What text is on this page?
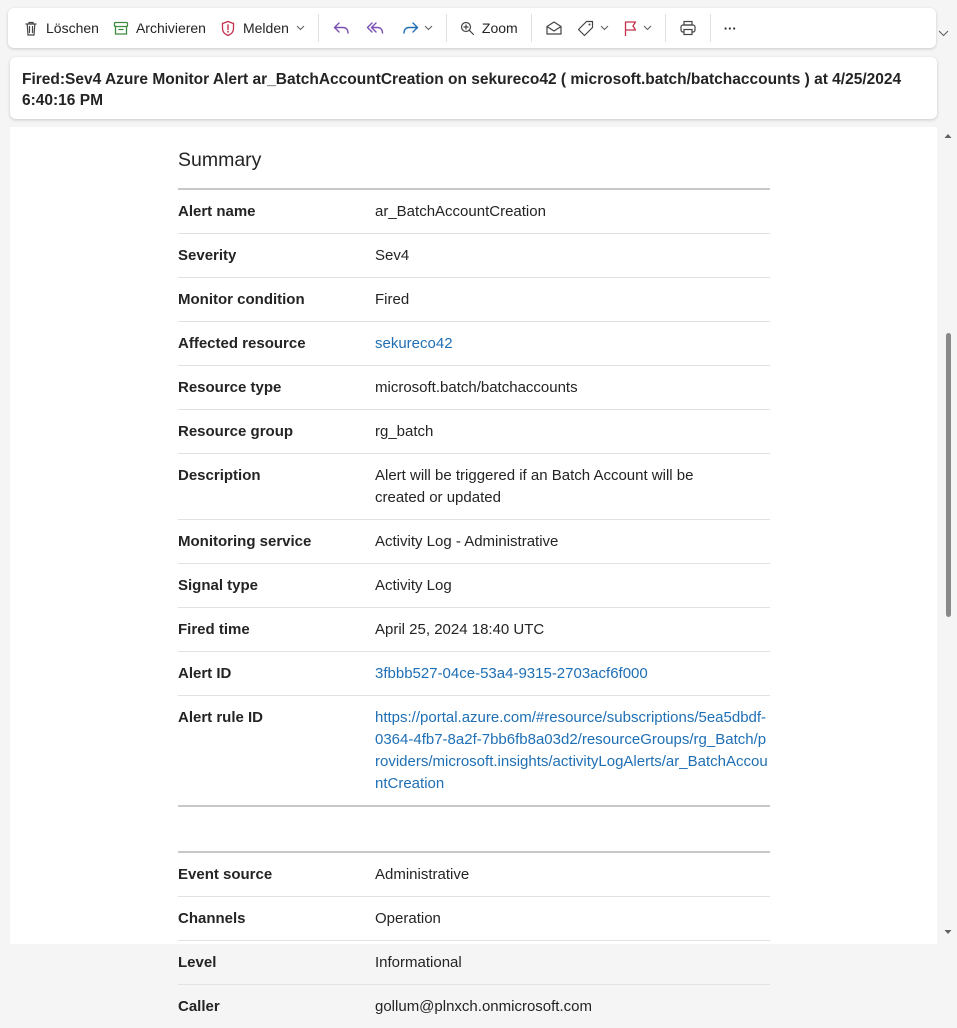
Löschen	Archivieren	Melden	Zoom	···
Fired:Sev4 Azure Monitor Alert ar_BatchAccountCreation on sekureco42 ( microsoft.batch/batchaccounts ) at 4/25/2024 6:40:16 PM
Summary
Alert name	ar_BatchAccountCreation
Severity	Sev4
Monitor condition	Fired
Affected resource	sekureco42
Resource type	microsoft.batch/batchaccounts
Resource group	rg_batch
Description	Alert will be triggered if an Batch Account will be created or updated
Monitoring service	Activity Log - Administrative
Signal type	Activity Log
Fired time	April 25, 2024 18:40 UTC
Alert ID	3fbbb527-04ce-53a4-9315-2703acf6f000
Alert rule ID	https://portal.azure.com/#resource/subscriptions/5ea5dbdf-0364-4fb7-8a2f-7bb6fb8a03d2/resourceGroups/rg_Batch/providers/microsoft.insights/activityLogAlerts/ar_BatchAccountCreation
Event source	Administrative
Channels	Operation
Level	Informational
Caller	gollum@plnxch.onmicrosoft.com
